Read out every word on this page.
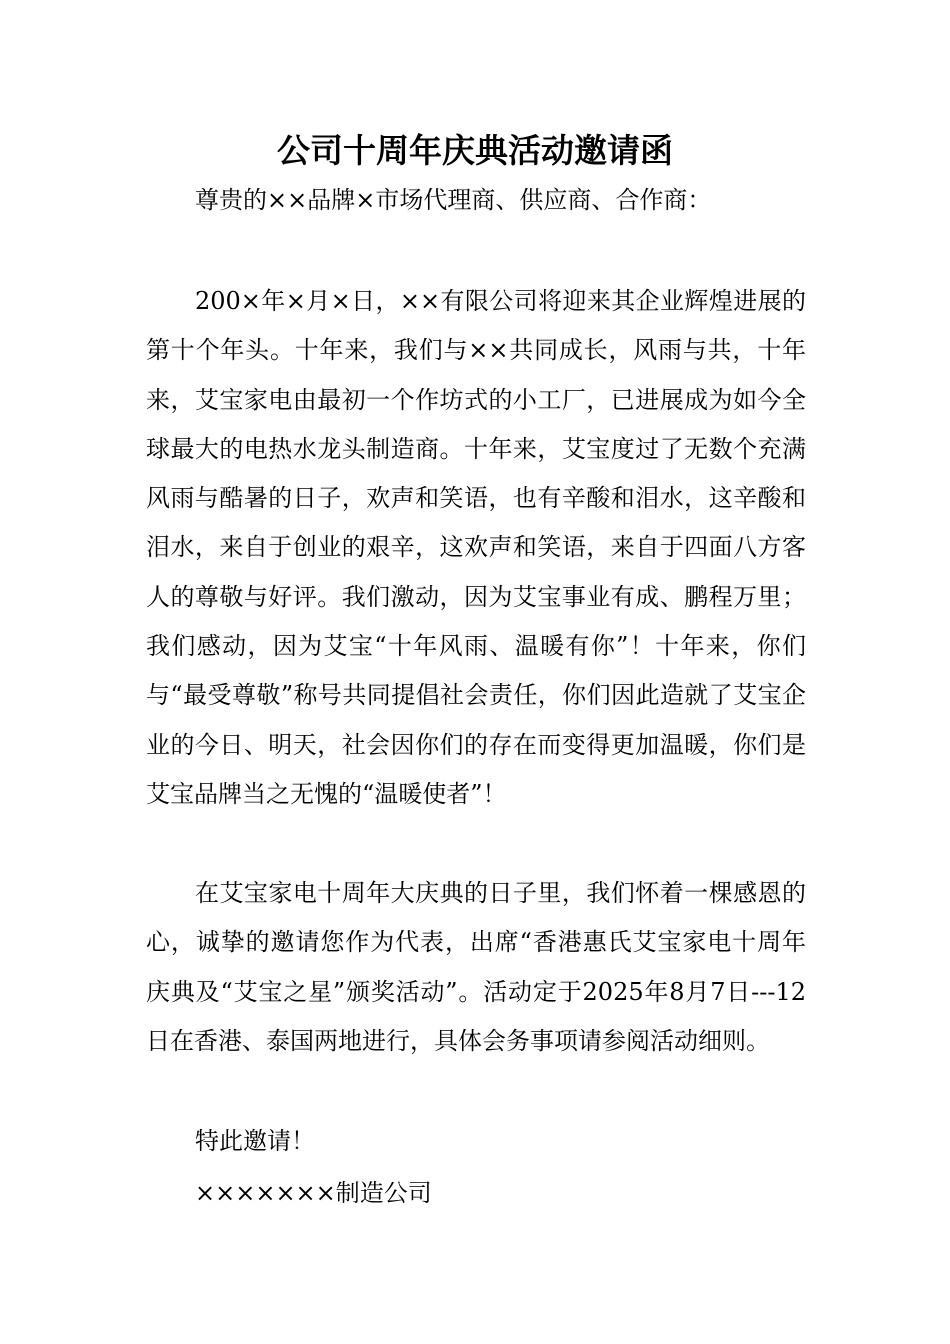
公司十周年庆典活动邀请函

尊贵的××品牌×市场代理商、供应商、合作商：

200×年×月×日，××有限公司将迎来其企业辉煌进展的第十个年头。十年来，我们与××共同成长，风雨与共，十年来，艾宝家电由最初一个作坊式的小工厂，已进展成为如今全球最大的电热水龙头制造商。十年来，艾宝度过了无数个充满风雨与酷暑的日子，欢声和笑语，也有辛酸和泪水，这辛酸和泪水，来自于创业的艰辛，这欢声和笑语，来自于四面八方客人的尊敬与好评。我们激动，因为艾宝事业有成、鹏程万里；我们感动，因为艾宝“十年风雨、温暖有你”！十年来，你们与“最受尊敬”称号共同提倡社会责任，你们因此造就了艾宝企业的今日、明天，社会因你们的存在而变得更加温暖，你们是艾宝品牌当之无愧的“温暖使者”！

在艾宝家电十周年大庆典的日子里，我们怀着一棵感恩的心，诚挚的邀请您作为代表，出席“香港惠氏艾宝家电十周年庆典及“艾宝之星”颁奖活动”。活动定于2025年8月7日---12日在香港、泰国两地进行，具体会务事项请参阅活动细则。

特此邀请！

×××××××制造公司
